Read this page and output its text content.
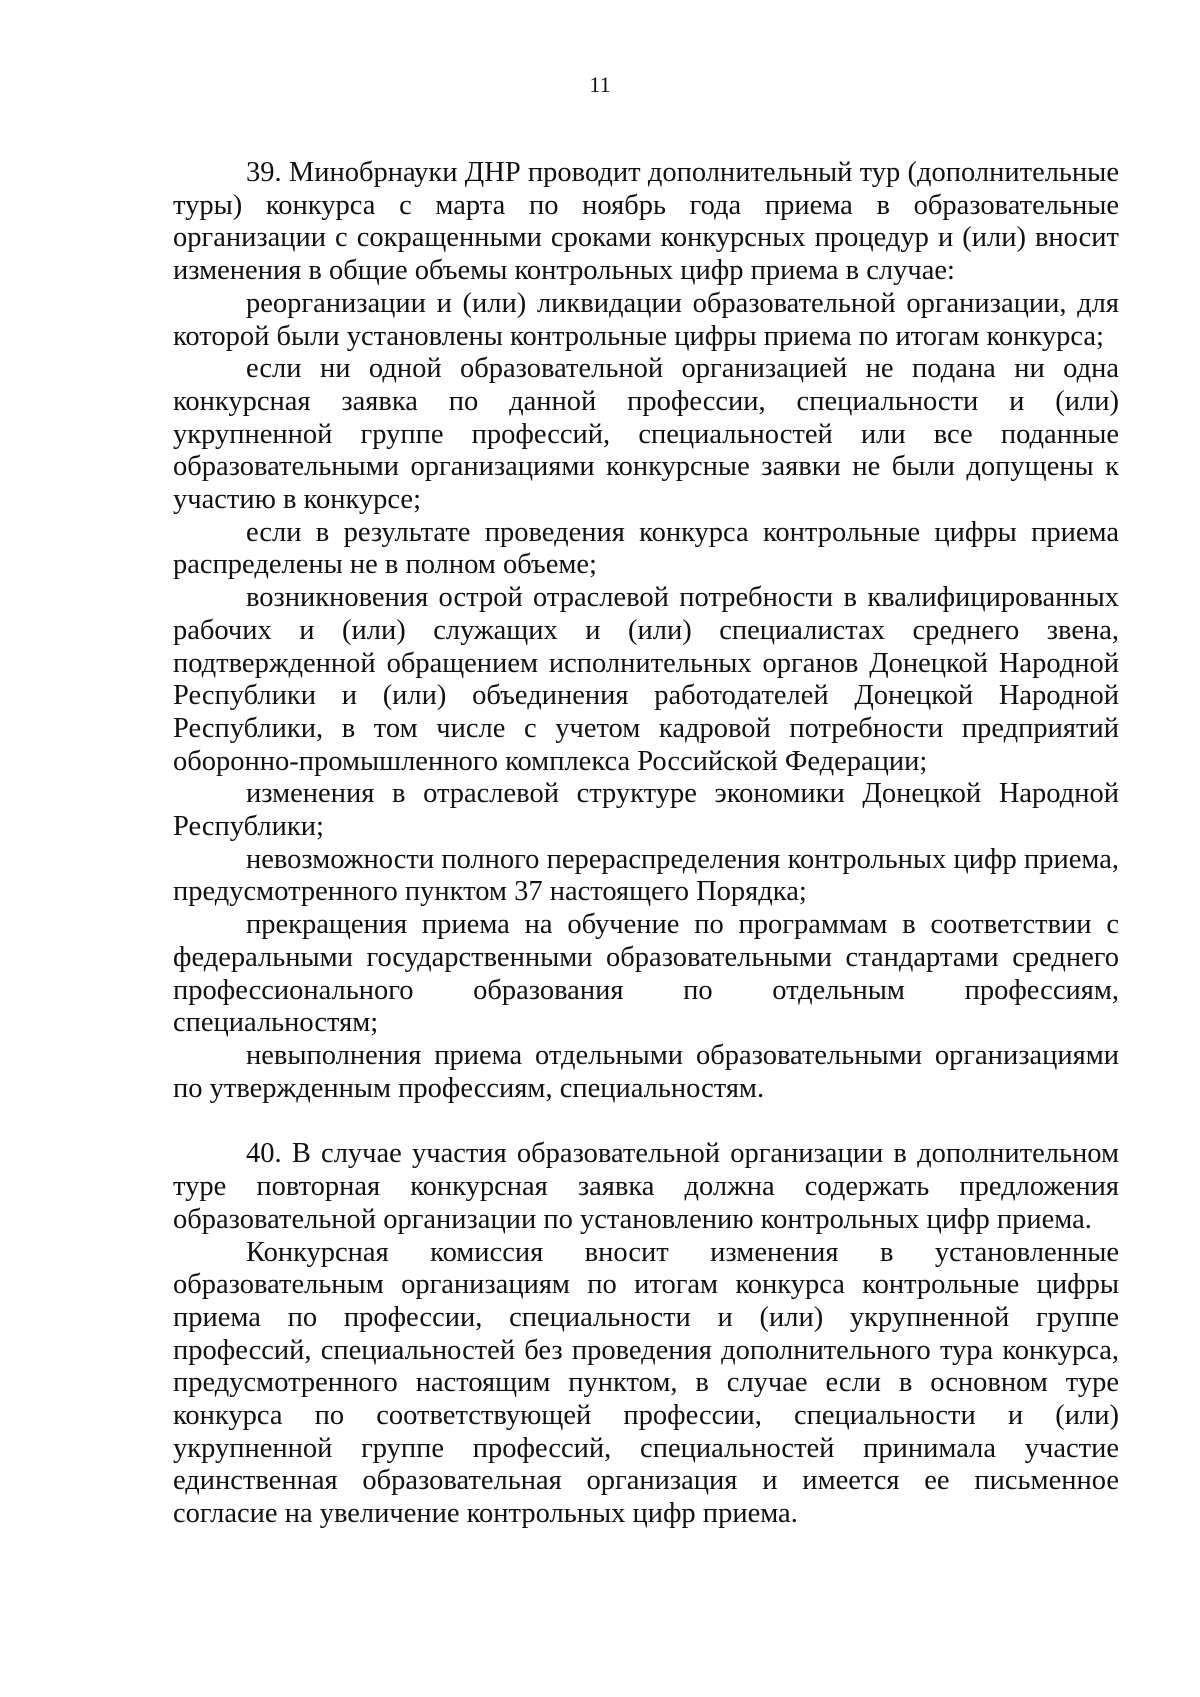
11

39. Минобрнауки ДНР проводит дополнительный тур (дополнительные туры) конкурса с марта по ноябрь года приема в образовательные организации с сокращенными сроками конкурсных процедур и (или) вносит изменения в общие объемы контрольных цифр приема в случае:

реорганизации и (или) ликвидации образовательной организации, для которой были установлены контрольные цифры приема по итогам конкурса;

если ни одной образовательной организацией не подана ни одна конкурсная заявка по данной профессии, специальности и (или) укрупненной группе профессий, специальностей или все поданные образовательными организациями конкурсные заявки не были допущены к участию в конкурсе;

если в результате проведения конкурса контрольные цифры приема распределены не в полном объеме;

возникновения острой отраслевой потребности в квалифицированных рабочих и (или) служащих и (или) специалистах среднего звена, подтвержденной обращением исполнительных органов Донецкой Народной Республики и (или) объединения работодателей Донецкой Народной Республики, в том числе с учетом кадровой потребности предприятий оборонно-промышленного комплекса Российской Федерации;

изменения в отраслевой структуре экономики Донецкой Народной Республики;

невозможности полного перераспределения контрольных цифр приема, предусмотренного пунктом 37 настоящего Порядка;

прекращения приема на обучение по программам в соответствии с федеральными государственными образовательными стандартами среднего профессионального образования по отдельным профессиям, специальностям;

невыполнения приема отдельными образовательными организациями по утвержденным профессиям, специальностям.

40. В случае участия образовательной организации в дополнительном туре повторная конкурсная заявка должна содержать предложения образовательной организации по установлению контрольных цифр приема.

Конкурсная комиссия вносит изменения в установленные образовательным организациям по итогам конкурса контрольные цифры приема по профессии, специальности и (или) укрупненной группе профессий, специальностей без проведения дополнительного тура конкурса, предусмотренного настоящим пунктом, в случае если в основном туре конкурса по соответствующей профессии, специальности и (или) укрупненной группе профессий, специальностей принимала участие единственная образовательная организация и имеется ее письменное согласие на увеличение контрольных цифр приема.
